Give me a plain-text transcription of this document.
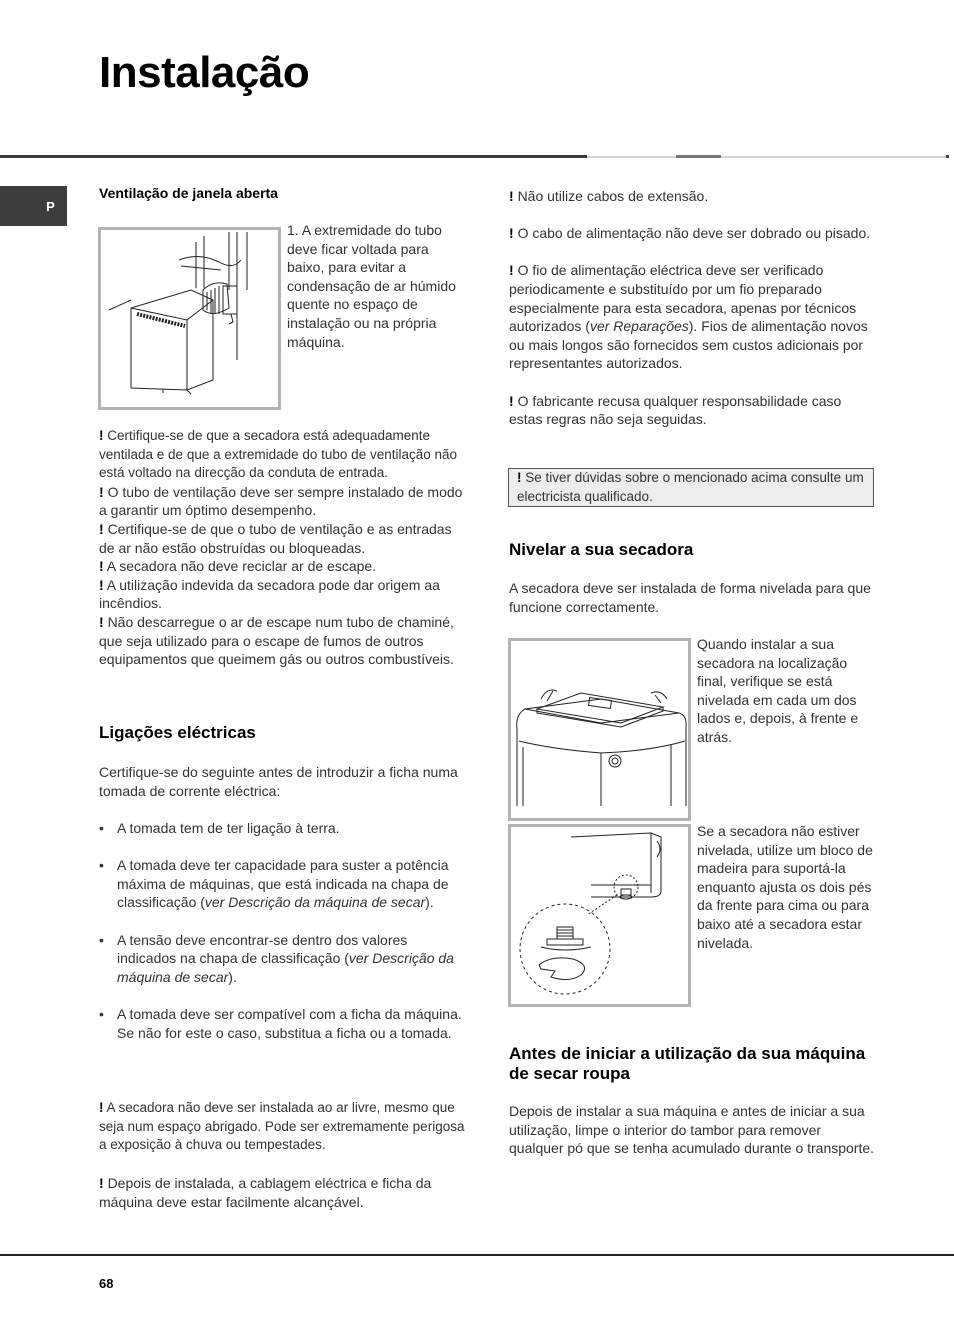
Instalação
P
Ventilação de janela aberta
1. A extremidade do tubo deve ficar voltada para baixo, para evitar a condensação de ar húmido quente no espaço de instalação ou na própria máquina.

! Certifique-se de que a secadora está adequadamente ventilada e de que a extremidade do tubo de ventilação não está voltado na direcção da conduta de entrada.

! O tubo de ventilação deve ser sempre instalado de modo a garantir um óptimo desempenho.

! Certifique-se de que o tubo de ventilação e as entradas de ar não estão obstruídas ou bloqueadas.

! A secadora não deve reciclar ar de escape.

! A utilização indevida da secadora pode dar origem aa incêndios.

! Não descarregue o ar de escape num tubo de chaminé, que seja utilizado para o escape de fumos de outros equipamentos que queimem gás ou outros combustíveis.

Ligações eléctricas
Certifique-se do seguinte antes de introduzir a ficha numa tomada de corrente eléctrica:
• A tomada tem de ter ligação à terra.
• A tomada deve ter capacidade para suster a potência máxima de máquinas, que está indicada na chapa de classificação (ver Descrição da máquina de secar).
• A tensão deve encontrar-se dentro dos valores indicados na chapa de classificação (ver Descrição da máquina de secar).
• A tomada deve ser compatível com a ficha da máquina. Se não for este o caso, substitua a ficha ou a tomada.

! A secadora não deve ser instalada ao ar livre, mesmo que seja num espaço abrigado. Pode ser extremamente perigosa a exposição à chuva ou tempestades.

! Depois de instalada, a cablagem eléctrica e ficha da máquina deve estar facilmente alcançável.

! Não utilize cabos de extensão.

! O cabo de alimentação não deve ser dobrado ou pisado.

! O fio de alimentação eléctrica deve ser verificado periodicamente e substituído por um fio preparado especialmente para esta secadora, apenas por técnicos autorizados (ver Reparações). Fios de alimentação novos ou mais longos são fornecidos sem custos adicionais por representantes autorizados.

! O fabricante recusa qualquer responsabilidade caso estas regras não seja seguidas.

! Se tiver dúvidas sobre o mencionado acima consulte um electricista qualificado.
Nivelar a sua secadora
A secadora deve ser instalada de forma nivelada para que funcione correctamente.
Quando instalar a sua secadora na localização final, verifique se está nivelada em cada um dos lados e, depois, à frente e atrás.
Se a secadora não estiver nivelada, utilize um bloco de madeira para suportá-la enquanto ajusta os dois pés da frente para cima ou para baixo até a secadora estar nivelada.
Antes de iniciar a utilização da sua máquina de secar roupa
Depois de instalar a sua máquina e antes de iniciar a sua utilização, limpe o interior do tambor para remover qualquer pó que se tenha acumulado durante o transporte.
68
